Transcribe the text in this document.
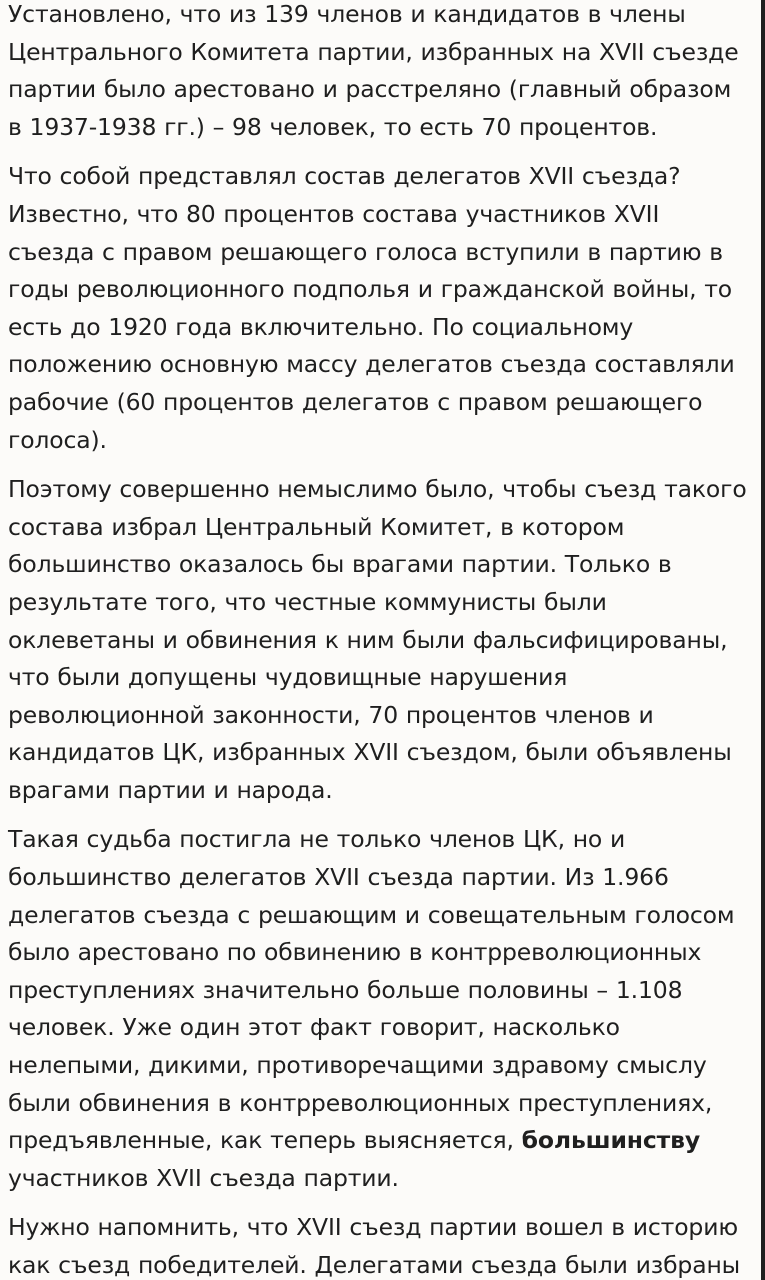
Установлено, что из 139 членов и кандидатов в члены Центрального Комитета партии, избранных на XVII съезде партии было арестовано и расстреляно (главный образом в 1937-1938 гг.) – 98 человек, то есть 70 процентов.

Что собой представлял состав делегатов XVII съезда? Известно, что 80 процентов состава участников XVII съезда с правом решающего голоса вступили в партию в годы революционного подполья и гражданской войны, то есть до 1920 года включительно. По социальному положению основную массу делегатов съезда составляли рабочие (60 процентов делегатов с правом решающего голоса).

Поэтому совершенно немыслимо было, чтобы съезд такого состава избрал Центральный Комитет, в котором большинство оказалось бы врагами партии. Только в результате того, что честные коммунисты были оклеветаны и обвинения к ним были фальсифицированы, что были допущены чудовищные нарушения революционной законности, 70 процентов членов и кандидатов ЦК, избранных XVII съездом, были объявлены врагами партии и народа.

Такая судьба постигла не только членов ЦК, но и большинство делегатов XVII съезда партии. Из 1.966 делегатов съезда с решающим и совещательным голосом было арестовано по обвинению в контрреволюционных преступлениях значительно больше половины – 1.108 человек. Уже один этот факт говорит, насколько нелепыми, дикими, противоречащими здравому смыслу были обвинения в контрреволюционных преступлениях, предъявленные, как теперь выясняется, большинству участников XVII съезда партии.

Нужно напомнить, что XVII съезд партии вошел в историю как съезд победителей. Делегатами съезда были избраны
